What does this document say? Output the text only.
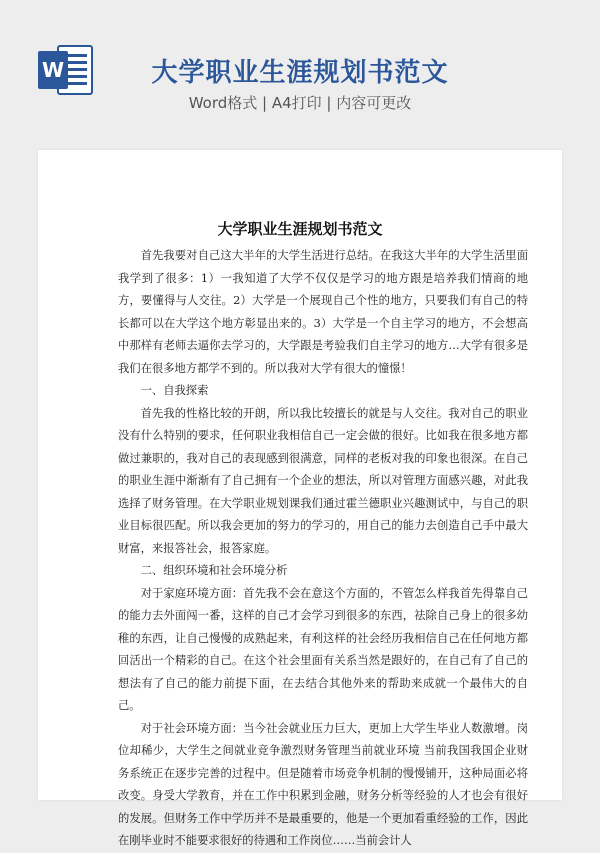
W	大学职业生涯规划书范文
Word格式 | A4打印 | 内容可更改
大学职业生涯规划书范文

首先我要对自己这大半年的大学生活进行总结。在我这大半年的大学生活里面我学到了很多：1）一我知道了大学不仅仅是学习的地方跟是培养我们情商的地方，要懂得与人交往。2）大学是一个展现自己个性的地方，只要我们有自己的特长都可以在大学这个地方彰显出来的。3）大学是一个自主学习的地方，不会想高中那样有老师去逼你去学习的，大学跟是考验我们自主学习的地方…大学有很多是我们在很多地方都学不到的。所以我对大学有很大的憧憬！

一、自我探索

首先我的性格比较的开朗，所以我比较擅长的就是与人交往。我对自己的职业没有什么特别的要求，任何职业我相信自己一定会做的很好。比如我在很多地方都做过兼职的，我对自己的表现感到很满意，同样的老板对我的印象也很深。在自己的职业生涯中渐渐有了自己拥有一个企业的想法，所以对管理方面感兴趣，对此我选择了财务管理。在大学职业规划课我们通过霍兰德职业兴趣测试中，与自己的职业目标很匹配。所以我会更加的努力的学习的，用自己的能力去创造自己手中最大财富，来报答社会，报答家庭。

二、组织环境和社会环境分析

对于家庭环境方面：首先我不会在意这个方面的，不管怎么样我首先得靠自己的能力去外面闯一番，这样的自己才会学习到很多的东西，祛除自己身上的很多幼稚的东西，让自己慢慢的成熟起来，有利这样的社会经历我相信自己在任何地方都回活出一个精彩的自己。在这个社会里面有关系当然是跟好的，在自己有了自己的想法有了自己的能力前提下面，在去结合其他外来的帮助来成就一个最伟大的自己。

对于社会环境方面：当今社会就业压力巨大，更加上大学生毕业人数激增。岗位却稀少，大学生之间就业竞争激烈财务管理当前就业环境 当前我国我国企业财务系统正在逐步完善的过程中。但是随着市场竞争机制的慢慢铺开，这种局面必将改变。身受大学教育，并在工作中积累到金融，财务分析等经验的人才也会有很好的发展。但财务工作中学历并不是最重要的，他是一个更加看重经验的工作，因此在刚毕业时不能要求很好的待遇和工作岗位……当前会计人
